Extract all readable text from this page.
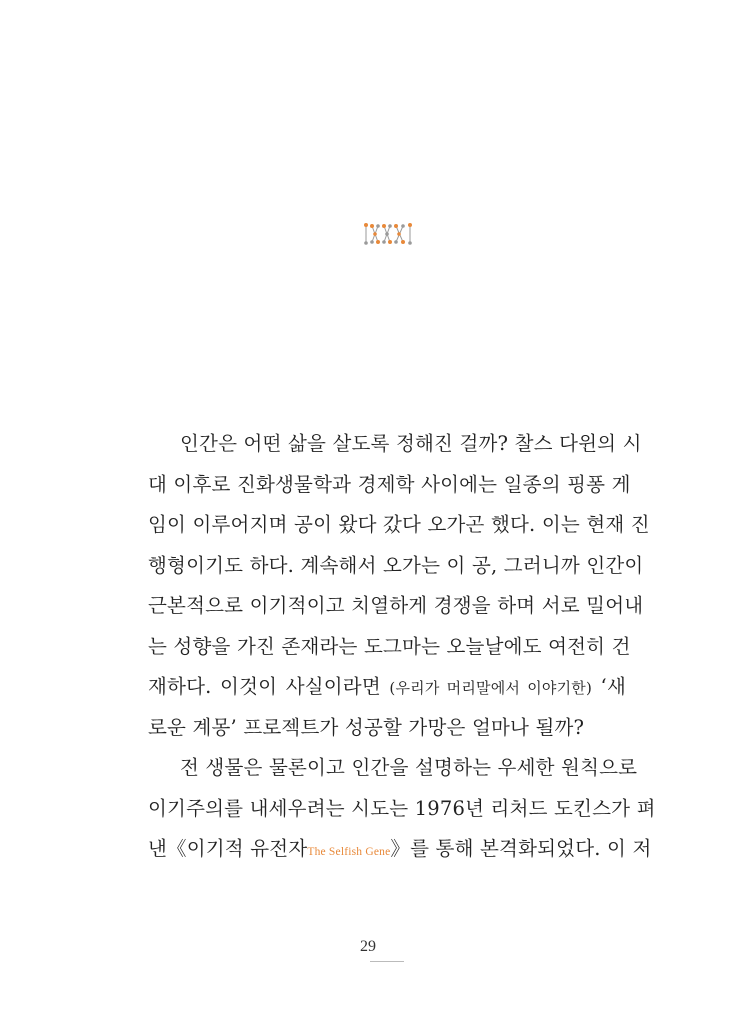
인간은 어떤 삶을 살도록 정해진 걸까? 찰스 다윈의 시
대 이후로 진화생물학과 경제학 사이에는 일종의 핑퐁 게
임이 이루어지며 공이 왔다 갔다 오가곤 했다. 이는 현재 진
행형이기도 하다. 계속해서 오가는 이 공, 그러니까 인간이
근본적으로 이기적이고 치열하게 경쟁을 하며 서로 밀어내
는 성향을 가진 존재라는 도그마는 오늘날에도 여전히 건
재하다. 이것이 사실이라면 (우리가 머리말에서 이야기한) ‘새
로운 계몽’ 프로젝트가 성공할 가망은 얼마나 될까?
전 생물은 물론이고 인간을 설명하는 우세한 원칙으로
이기주의를 내세우려는 시도는 1976년 리처드 도킨스가 펴
낸《이기적 유전자The Selfish Gene》를 통해 본격화되었다. 이 저
29
